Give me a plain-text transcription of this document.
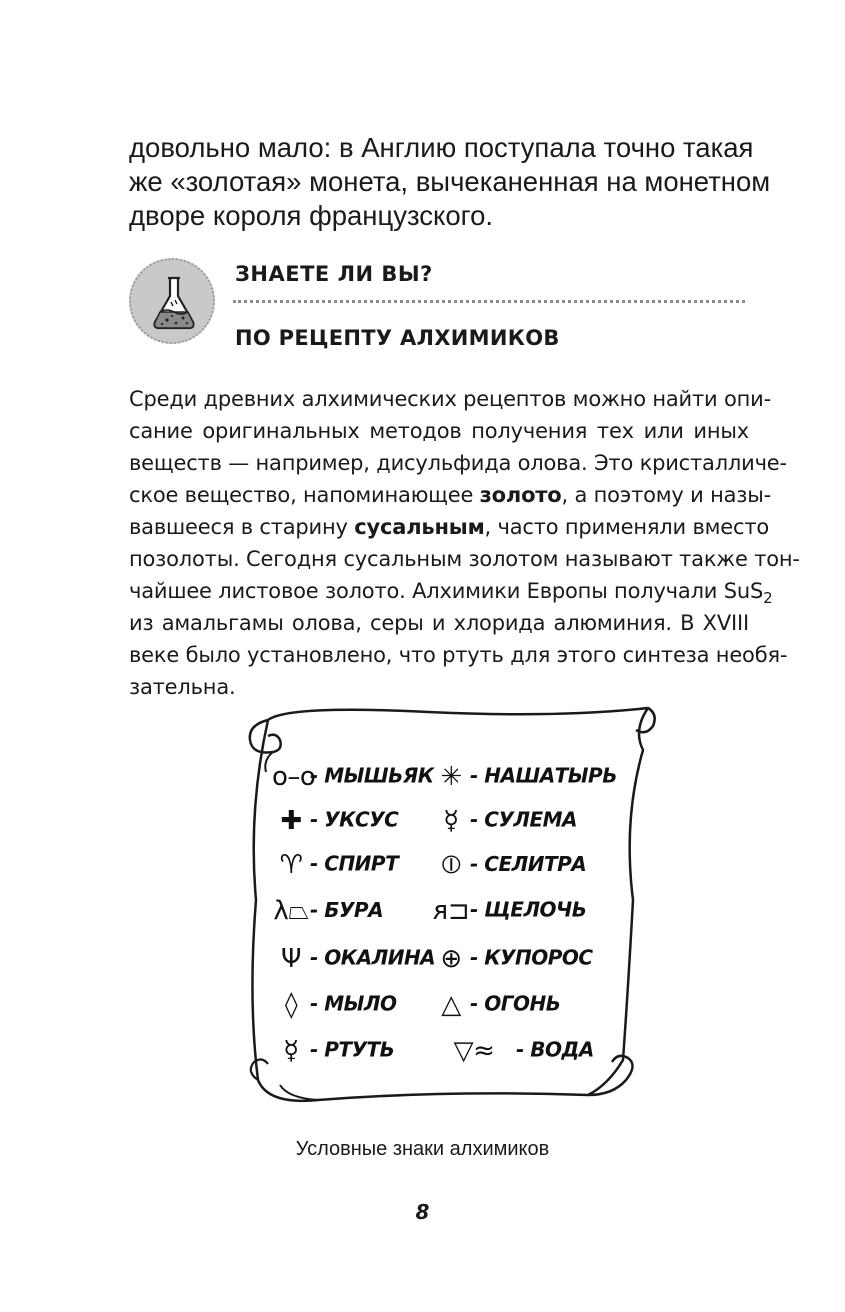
довольно мало: в Англию поступала точно такая
же «золотая» монета, вычеканенная на монетном
дворе короля французского.

ЗНАЕТЕ ЛИ ВЫ?

ПО РЕЦЕПТУ АЛХИМИКОВ

Среди древних алхимических рецептов можно найти опи-
сание оригинальных методов получения тех или иных
веществ — например, дисульфида олова. Это кристалличе-
ское вещество, напоминающее золото, а поэтому и назы-
вавшееся в старину сусальным, часто применяли вместо
позолоты. Сегодня сусальным золотом называют также тон-
чайшее листовое золото. Алхимики Европы получали SuS$_2$
из амальгамы олова, серы и хлорида алюминия. В XVIII
веке было установлено, что ртуть для этого синтеза необя-
зательна.
o–o- МЫШЬЯК
✚ - УКСУС
♈ - СПИРТ
λ⏢- БУРА
Ψ - ОКАЛИНА
◊ - МЫЛО
☿ - РТУТЬ
✳ - НАШАТЫРЬ
☿ - СУЛЕМА
⦶ - СЕЛИТРА
ᴙ⊐- ЩЕЛОЧЬ
⊕ - КУПОРОС
△ - ОГОНЬ
▽≈ - ВОДА

Условные знаки алхимиков

8
